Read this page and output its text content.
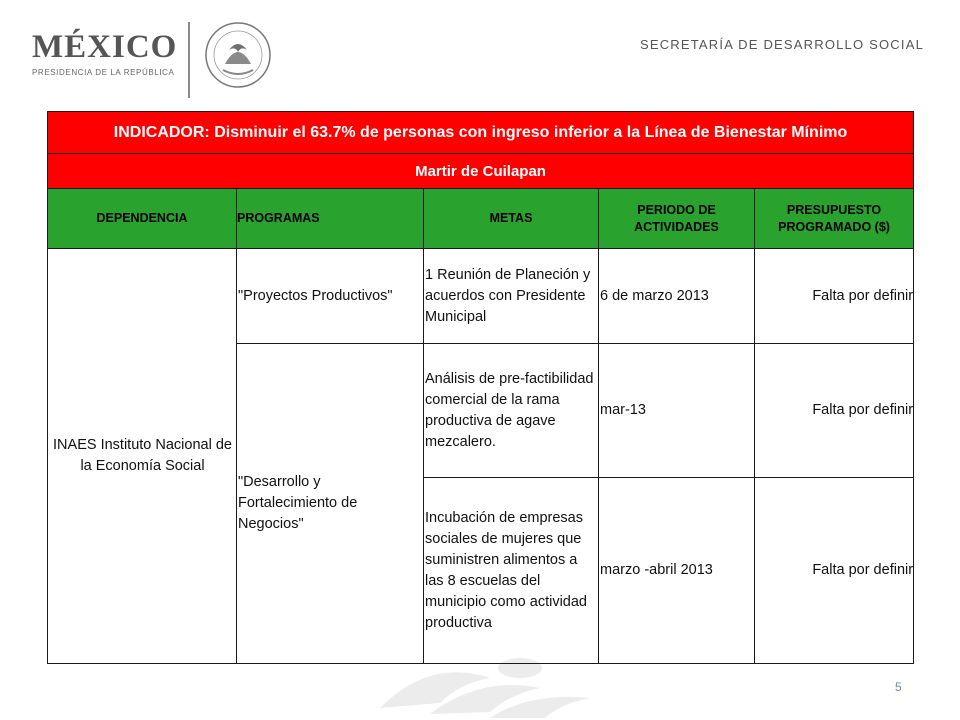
MÉXICO
PRESIDENCIA DE LA REPÚBLICA
SECRETARÍA DE DESARROLLO SOCIAL
INDICADOR: Disminuir el 63.7% de personas con ingreso inferior a la Línea de Bienestar Mínimo				
Martir de Cuilapan				
DEPENDENCIA	PROGRAMAS	METAS	PERIODO DE ACTIVIDADES	PRESUPUESTO PROGRAMADO ($)
INAES Instituto Nacional de la Economía Social	"Proyectos Productivos"	1 Reunión de Planeción y acuerdos con Presidente Municipal	6 de marzo 2013	Falta por definir
	"Desarrollo y Fortalecimiento de Negocios"	Análisis de pre-factibilidad comercial de la rama productiva de agave mezcalero.	mar-13	Falta por definir
		Incubación de empresas sociales de mujeres que suministren alimentos a las 8 escuelas del municipio como actividad productiva	marzo -abril 2013	Falta por definir
5
